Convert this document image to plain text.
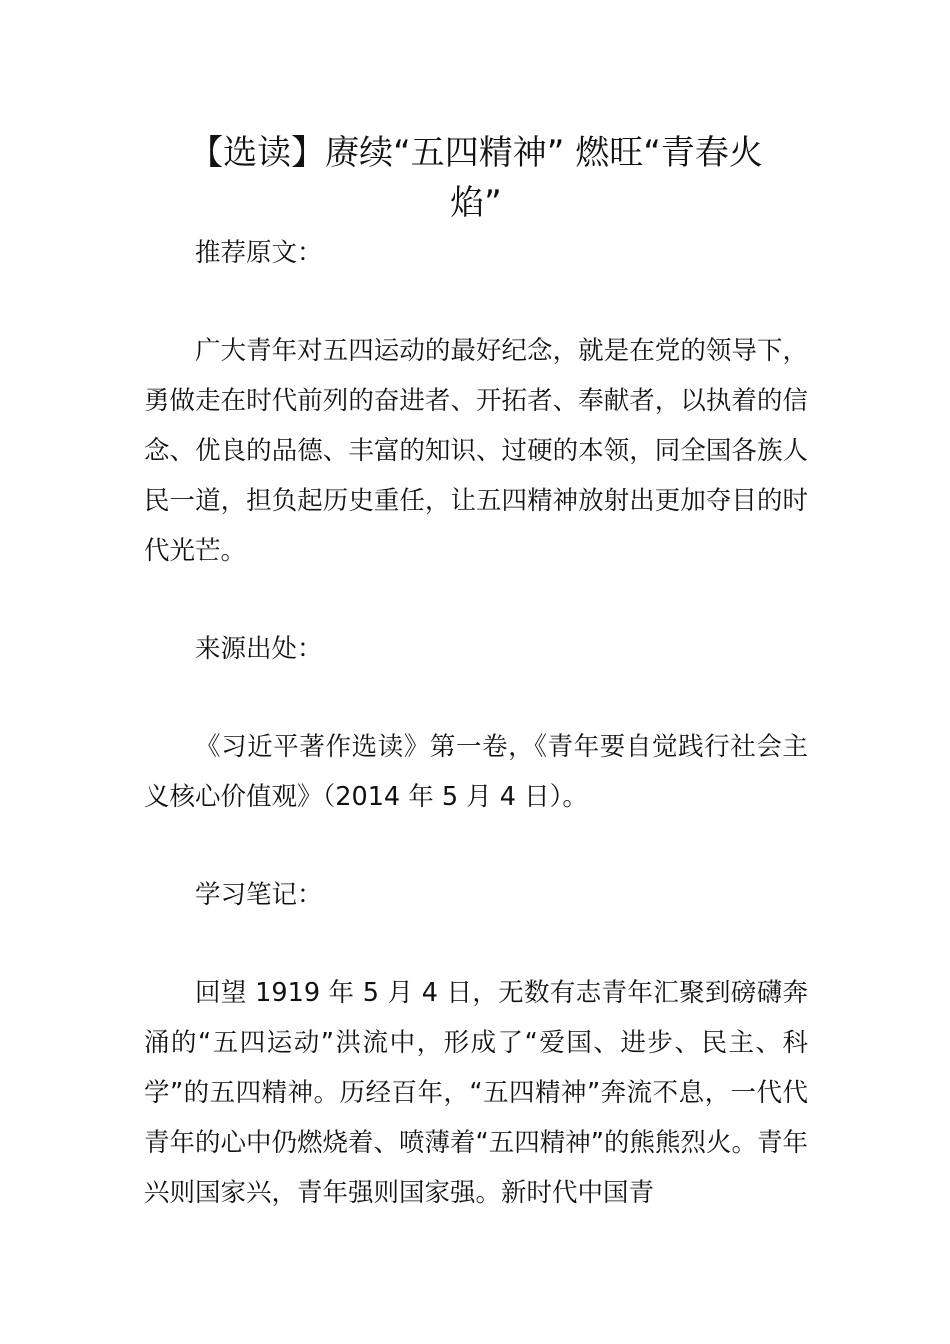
【选读】赓续“五四精神” 燃旺“青春火
焰”

推荐原文：

广大青年对五四运动的最好纪念，就是在党的领导下，勇做走在时代前列的奋进者、开拓者、奉献者，以执着的信念、优良的品德、丰富的知识、过硬的本领，同全国各族人民一道，担负起历史重任，让五四精神放射出更加夺目的时代光芒。

来源出处：

《习近平著作选读》第一卷，《青年要自觉践行社会主义核心价值观》（2014 年 5 月 4 日）。

学习笔记：

回望 1919 年 5 月 4 日，无数有志青年汇聚到磅礴奔涌的“五四运动”洪流中，形成了“爱国、进步、民主、科学”的五四精神。历经百年，“五四精神”奔流不息，一代代青年的心中仍燃烧着、喷薄着“五四精神”的熊熊烈火。青年兴则国家兴，青年强则国家强。新时代中国青
